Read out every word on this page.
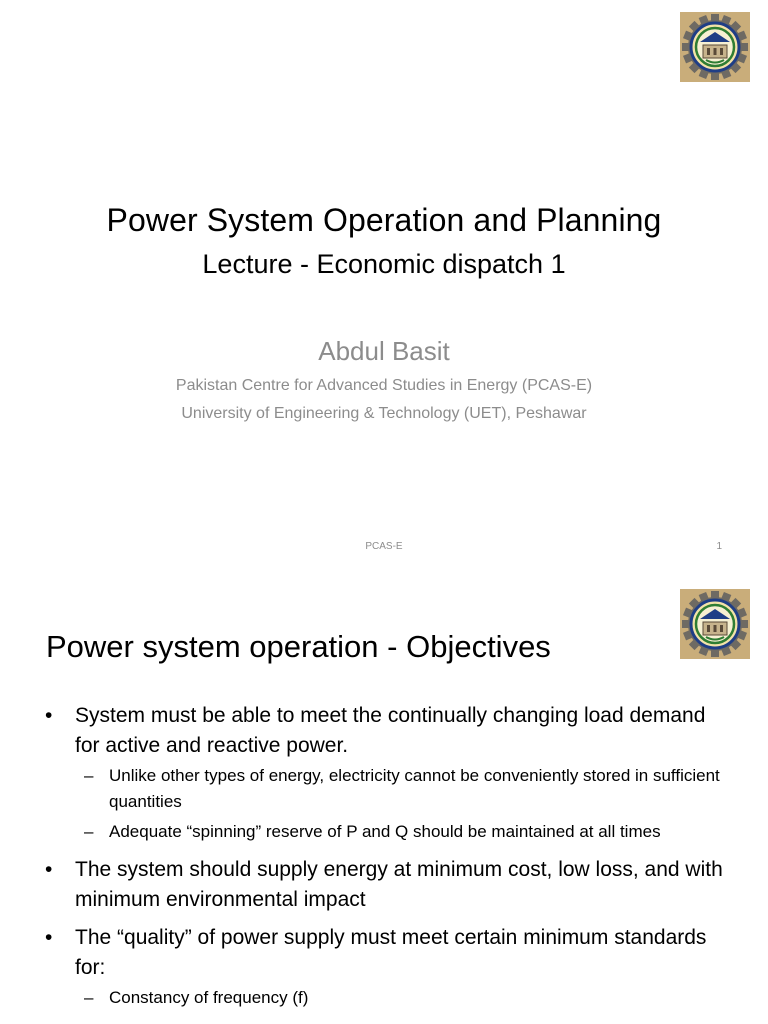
Power System Operation and Planning
Lecture - Economic dispatch 1
Abdul Basit
Pakistan Centre for Advanced Studies in Energy (PCAS-E)
University of Engineering & Technology (UET), Peshawar
PCAS-E	1
Power system operation - Objectives
• System must be able to meet the continually changing load demand for active and reactive power.
– Unlike other types of energy, electricity cannot be conveniently stored in sufficient quantities
– Adequate “spinning” reserve of P and Q should be maintained at all times
• The system should supply energy at minimum cost, low loss, and with minimum environmental impact
• The “quality” of power supply must meet certain minimum standards for:
– Constancy of frequency (f)
